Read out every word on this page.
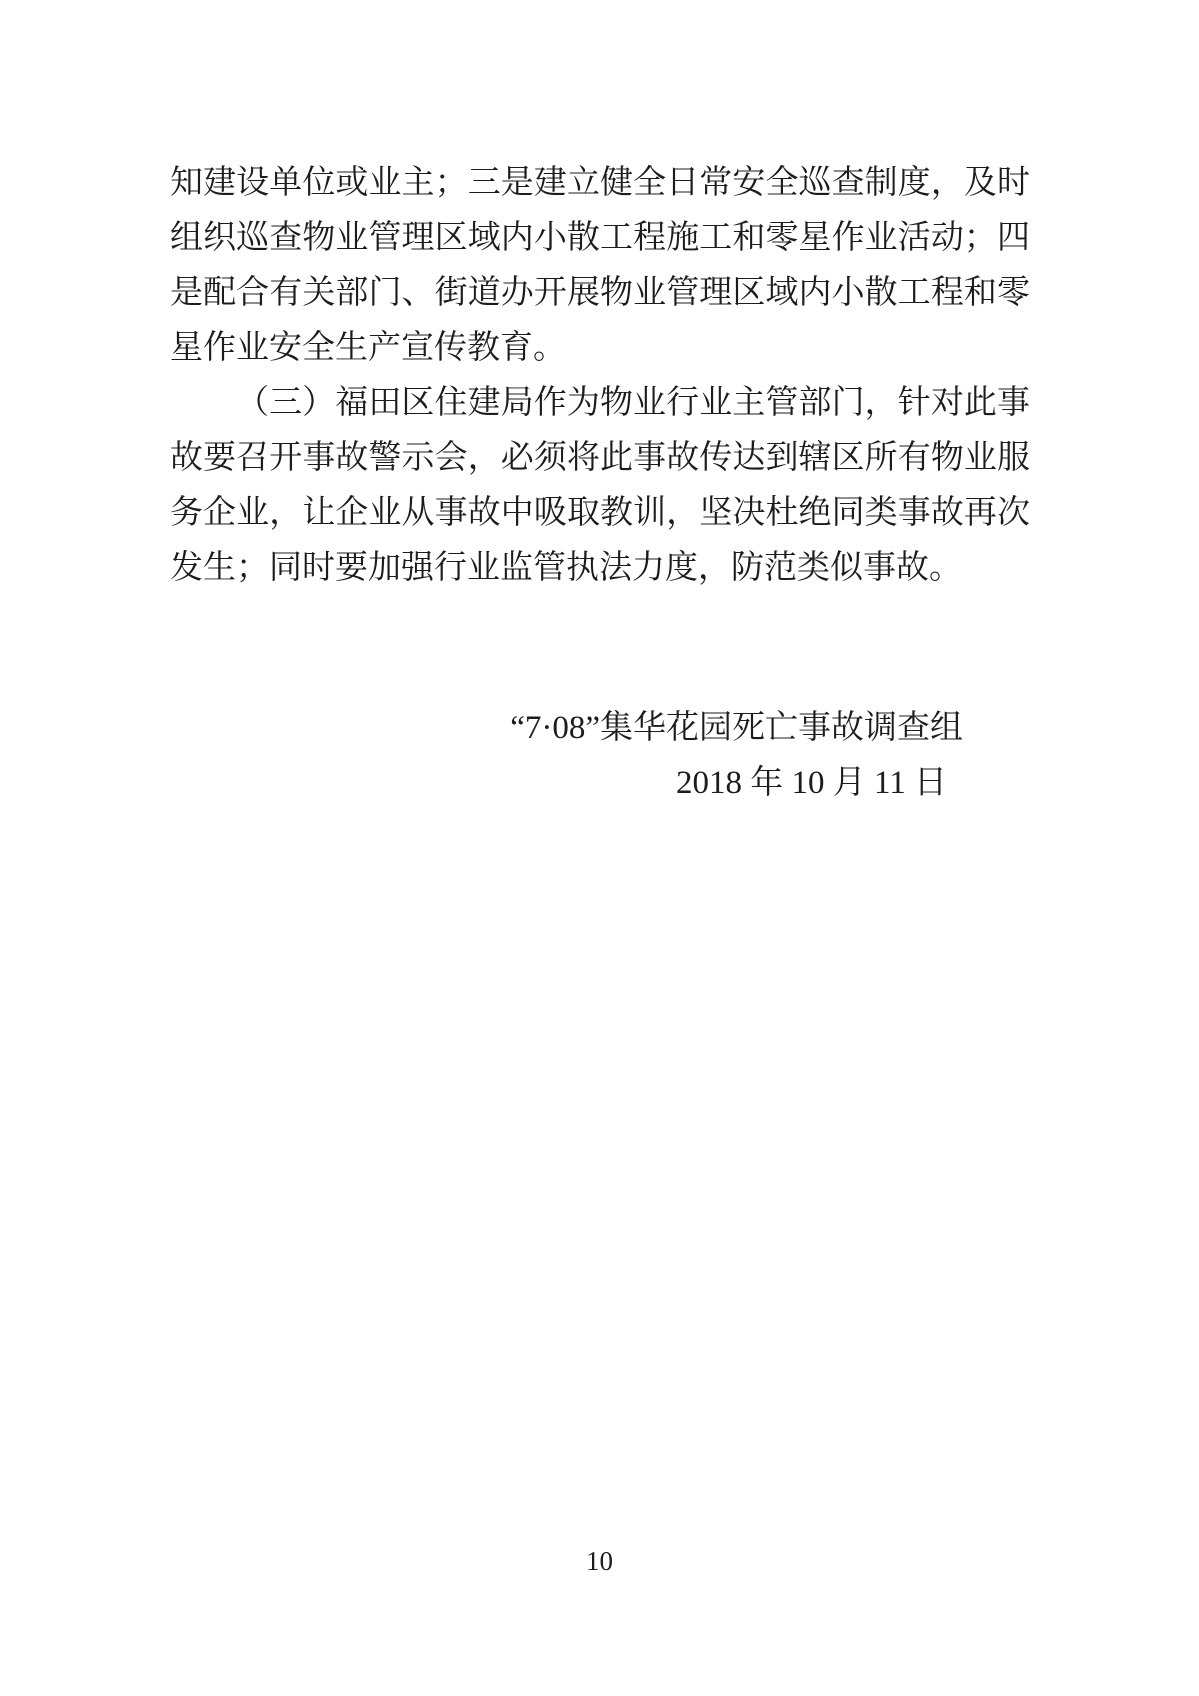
知建设单位或业主；三是建立健全日常安全巡查制度，及时
组织巡查物业管理区域内小散工程施工和零星作业活动；四
是配合有关部门、街道办开展物业管理区域内小散工程和零
星作业安全生产宣传教育。
（三）福田区住建局作为物业行业主管部门，针对此事
故要召开事故警示会，必须将此事故传达到辖区所有物业服
务企业，让企业从事故中吸取教训，坚决杜绝同类事故再次
发生；同时要加强行业监管执法力度，防范类似事故。
“7·08”集华花园死亡事故调查组
2018 年 10 月 11 日
10
